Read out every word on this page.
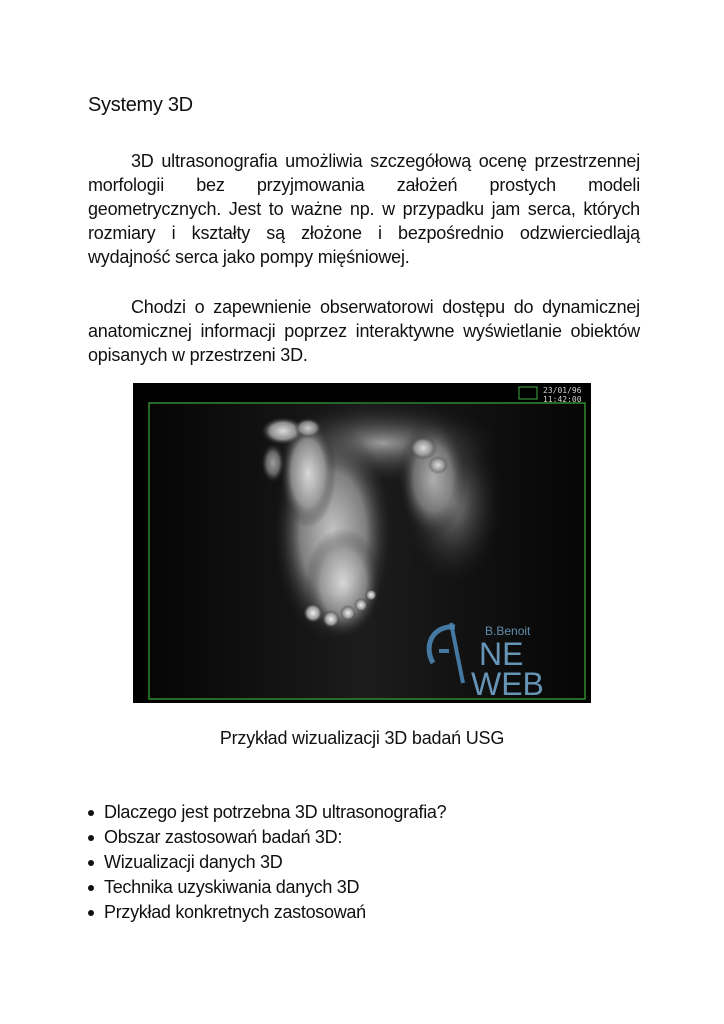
Systemy 3D

3D ultrasonografia umożliwia szczegółową ocenę przestrzennej morfologii bez przyjmowania założeń prostych modeli geometrycznych. Jest to ważne np. w przypadku jam serca, których rozmiary i kształty są złożone i bezpośrednio odzwierciedlają wydajność serca jako pompy mięśniowej.

Chodzi o zapewnienie obserwatorowi dostępu do dynamicznej anatomicznej informacji poprzez interaktywne wyświetlanie obiektów opisanych w przestrzeni 3D.

23/01/96
11:42:00
B.Benoit
NE
WEB
Przykład wizualizacji 3D badań USG
Dlaczego jest potrzebna 3D ultrasonografia?
Obszar zastosowań badań 3D:
Wizualizacji danych 3D
Technika uzyskiwania danych 3D
Przykład konkretnych zastosowań
